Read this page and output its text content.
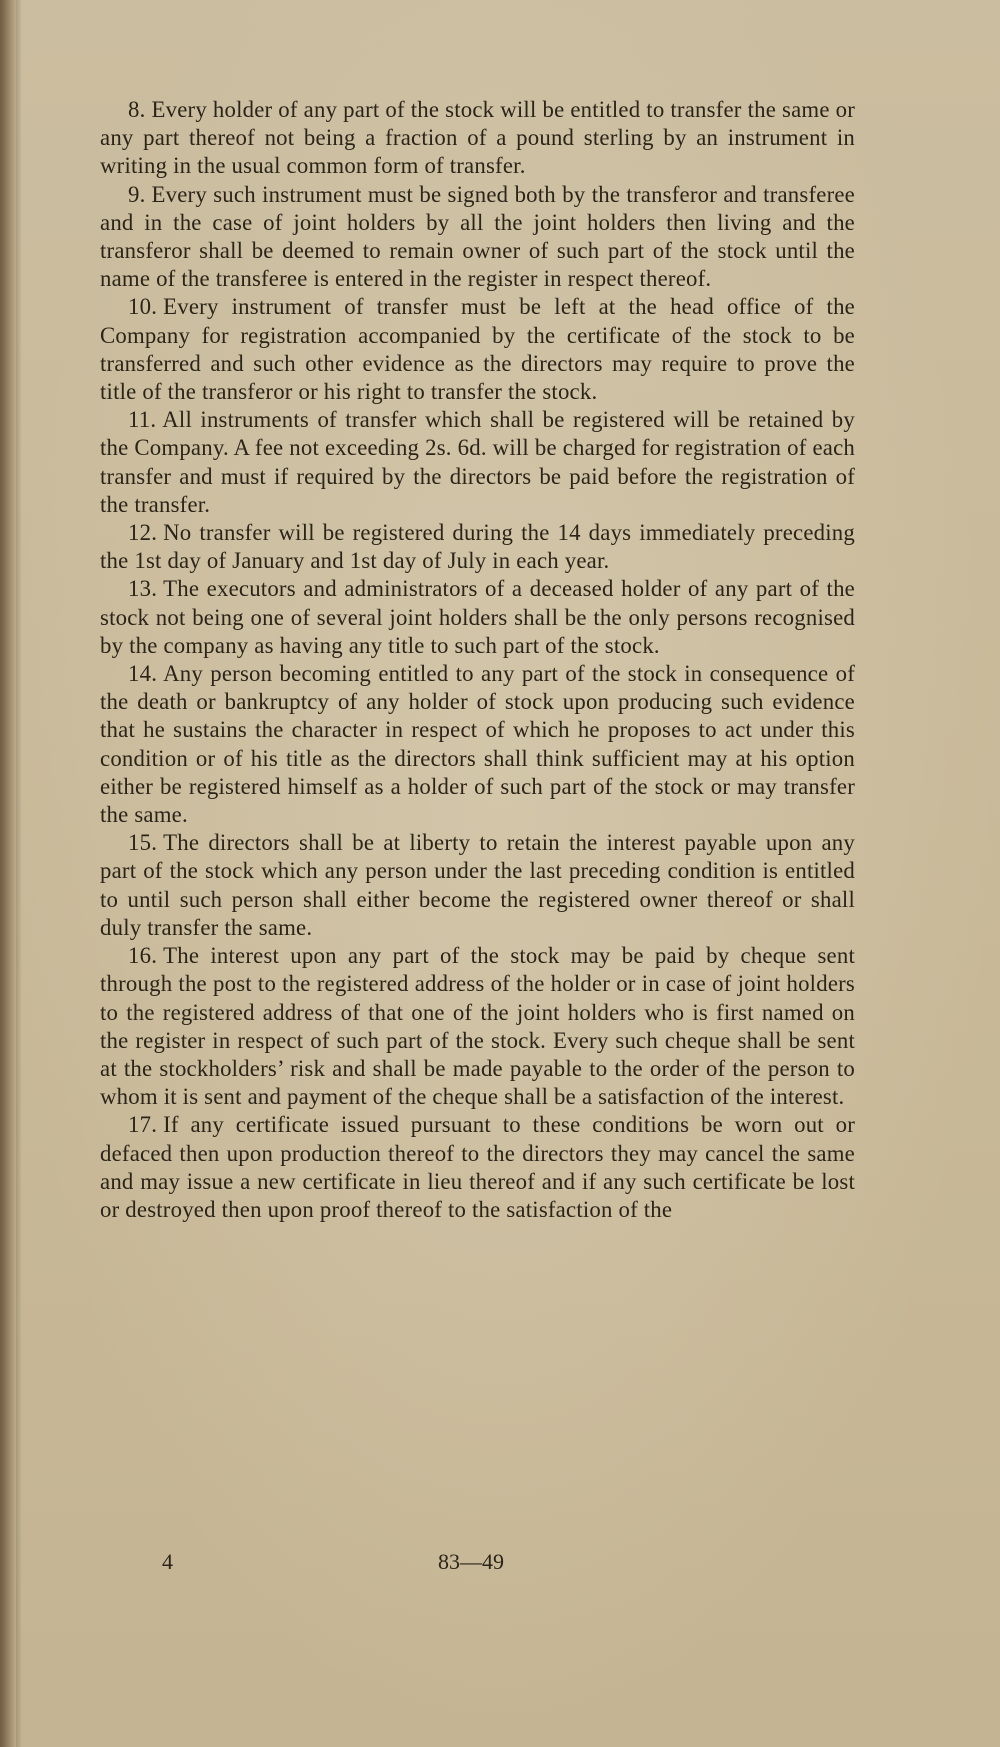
8. Every holder of any part of the stock will be entitled to transfer the same or any part thereof not being a fraction of a pound sterling by an instrument in writing in the usual common form of transfer.

9. Every such instrument must be signed both by the transferor and transferee and in the case of joint holders by all the joint holders then living and the transferor shall be deemed to remain owner of such part of the stock until the name of the transferee is entered in the register in respect thereof.

10. Every instrument of transfer must be left at the head office of the Company for registration accompanied by the certificate of the stock to be transferred and such other evidence as the directors may require to prove the title of the transferor or his right to transfer the stock.

11. All instruments of transfer which shall be registered will be retained by the Company. A fee not exceeding 2s. 6d. will be charged for registration of each transfer and must if required by the directors be paid before the registration of the transfer.

12. No transfer will be registered during the 14 days immediately preceding the 1st day of January and 1st day of July in each year.

13. The executors and administrators of a deceased holder of any part of the stock not being one of several joint holders shall be the only persons recognised by the company as having any title to such part of the stock.

14. Any person becoming entitled to any part of the stock in consequence of the death or bankruptcy of any holder of stock upon producing such evidence that he sustains the character in respect of which he proposes to act under this condition or of his title as the directors shall think sufficient may at his option either be registered himself as a holder of such part of the stock or may transfer the same.

15. The directors shall be at liberty to retain the interest payable upon any part of the stock which any person under the last preceding condition is entitled to until such person shall either become the registered owner thereof or shall duly transfer the same.

16. The interest upon any part of the stock may be paid by cheque sent through the post to the registered address of the holder or in case of joint holders to the registered address of that one of the joint holders who is first named on the register in respect of such part of the stock. Every such cheque shall be sent at the stockholders’ risk and shall be made payable to the order of the person to whom it is sent and payment of the cheque shall be a satisfaction of the interest.

17. If any certificate issued pursuant to these conditions be worn out or defaced then upon production thereof to the directors they may cancel the same and may issue a new certificate in lieu thereof and if any such certificate be lost or destroyed then upon proof thereof to the satisfaction of the

4	83—49
